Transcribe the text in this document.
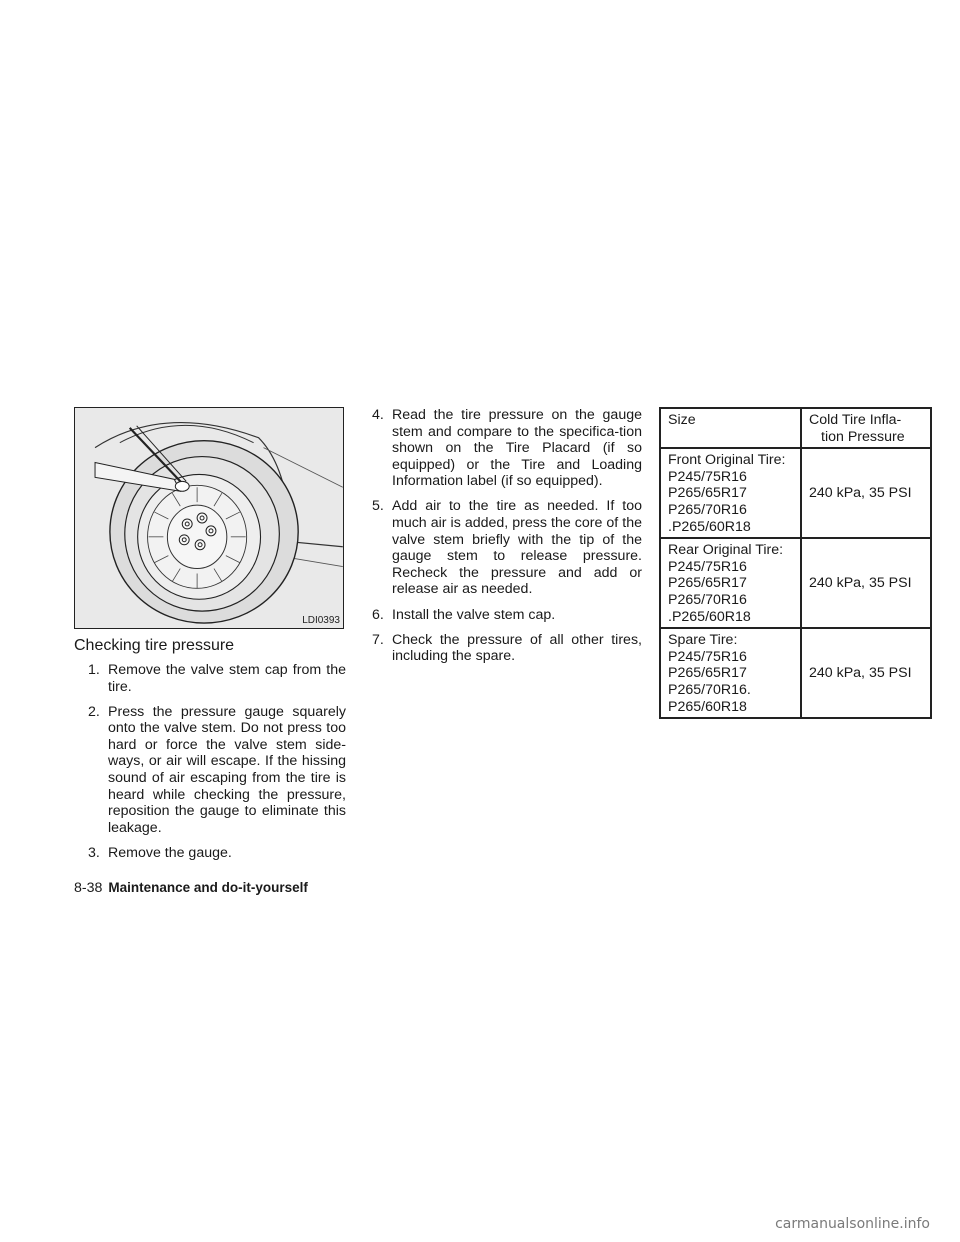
LDI0393
Checking tire pressure
1. Remove the valve stem cap from the tire.
2. Press the pressure gauge squarely onto the valve stem. Do not press too hard or force the valve stem side-ways, or air will escape. If the hissing sound of air escaping from the tire is heard while checking the pressure, reposition the gauge to eliminate this leakage.
3. Remove the gauge.
4. Read the tire pressure on the gauge stem and compare to the specifica-tion shown on the Tire Placard (if so equipped) or the Tire and Loading Information label (if so equipped).
5. Add air to the tire as needed. If too much air is added, press the core of the valve stem briefly with the tip of the gauge stem to release pressure. Recheck the pressure and add or release air as needed.
6. Install the valve stem cap.
7. Check the pressure of all other tires, including the spare.
Size	Cold Tire Infla-tion Pressure

Front Original Tire:
P245/75R16
P265/65R17
P265/70R16
.P265/60R18	240 kPa, 35 PSI

Rear Original Tire:
P245/75R16
P265/65R17
P265/70R16
.P265/60R18	240 kPa, 35 PSI

Spare Tire:
P245/75R16
P265/65R17
P265/70R16.
P265/60R18	240 kPa, 35 PSI
8-38 Maintenance and do-it-yourself
carmanualsonline.info
